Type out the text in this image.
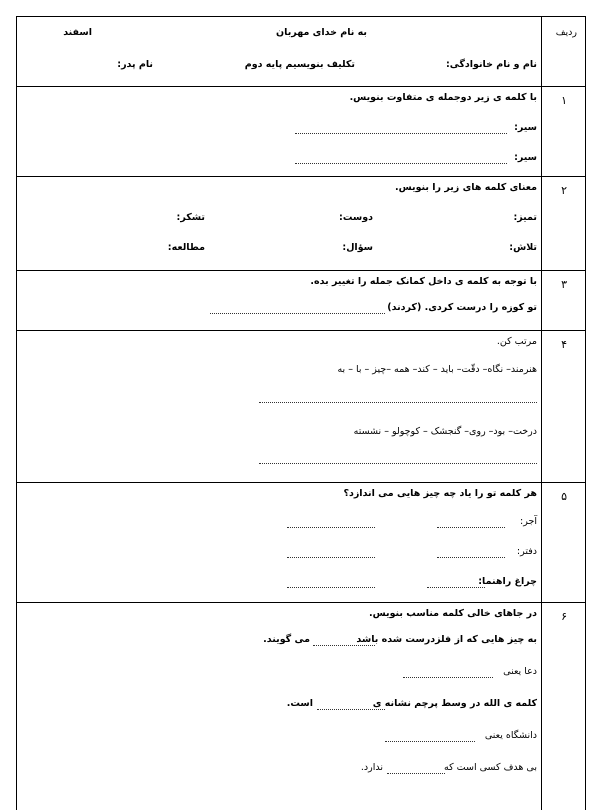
ردیف
به نام خدای مهربان
اسفند
نام و نام خانوادگی:
تکلیف بنویسیم پایه دوم
نام پدر:
۱
با کلمه ی زیر دوجمله ی متفاوت بنویس.
سیر:
سیر:
۲
معنای کلمه های زیر را بنویس.
تمیز:
دوست:
تشکر:
تلاش:
سؤال:
مطالعه:
۳
با توجه به کلمه ی داخل کمانک جمله را تغییر بده.
تو کوزه را درست کردی. (کردند)
۴
مرتب کن.
هنرمند– نگاه– دقّت– باید – کند– همه –چیز – با – به
درخت– بود– روی– گنجشک – کوچولو – نشسته
۵
هر کلمه تو را یاد چه چیز هایی می اندازد؟
آجر:
دفتر:
چراغ راهنما:
۶
در جاهای خالی کلمه مناسب بنویس.
به چیز هایی که از فلزدرست شده باشد
می گویند.
دعا یعنی
کلمه ی الله در وسط پرچم نشانه ی
است.
دانشگاه یعنی
بی هدف کسی است که
ندارد.
